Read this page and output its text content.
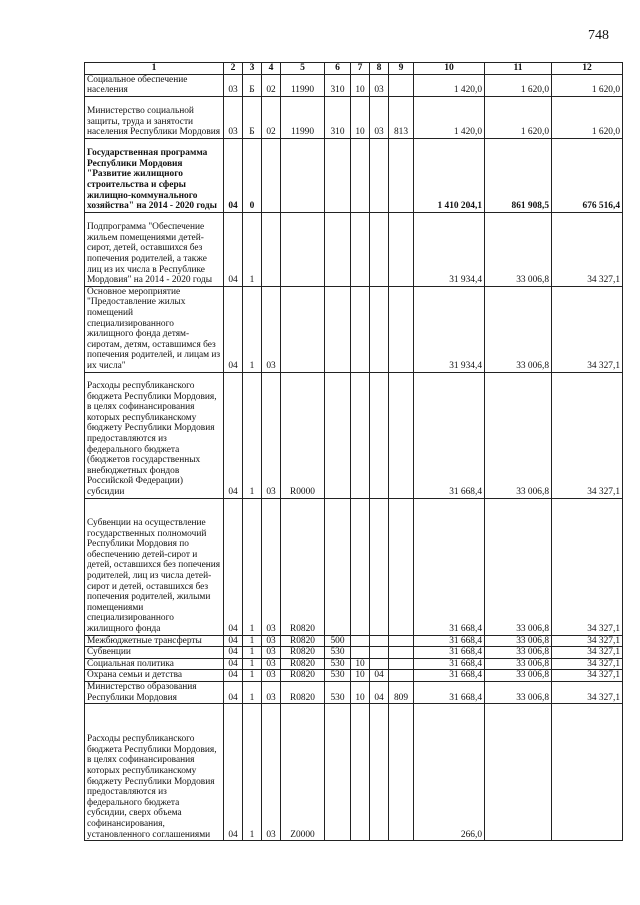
748
1	2	3	4	5	6	7	8	9	10	11	12
Социальное обеспечение населения	03	Б	02	11990	310	10	03		1 420,0	1 620,0	1 620,0
Министерство социальной защиты, труда и занятости населения Республики Мордовия	03	Б	02	11990	310	10	03	813	1 420,0	1 620,0	1 620,0
Государственная программа Республики Мордовия "Развитие жилищного строительства и сферы жилищно-коммунального хозяйства" на 2014 - 2020 годы	04	0							1 410 204,1	861 908,5	676 516,4
Подпрограмма "Обеспечение жильем помещениями детей-сирот, детей, оставшихся без попечения родителей, а также лиц из их числа в Республике Мордовия" на 2014 - 2020 годы	04	1							31 934,4	33 006,8	34 327,1
Основное мероприятие "Предоставление жилых помещений специализированного жилищного фонда детям-сиротам, детям, оставшимся без попечения родителей, и лицам из их числа"	04	1	03						31 934,4	33 006,8	34 327,1
Расходы республиканского бюджета Республики Мордовия, в целях софинансирования которых республиканскому бюджету Республики Мордовия предоставляются из федерального бюджета (бюджетов государственных внебюджетных фондов Российской Федерации) субсидии	04	1	03	R0000					31 668,4	33 006,8	34 327,1
Субвенции на осуществление государственных полномочий Республики Мордовия по обеспечению детей-сирот и детей, оставшихся без попечения родителей, лиц из числа детей-сирот и детей, оставшихся без попечения родителей, жилыми помещениями специализированного жилищного фонда	04	1	03	R0820					31 668,4	33 006,8	34 327,1
Межбюджетные трансферты	04	1	03	R0820	500				31 668,4	33 006,8	34 327,1
Субвенции	04	1	03	R0820	530				31 668,4	33 006,8	34 327,1
Социальная политика	04	1	03	R0820	530	10			31 668,4	33 006,8	34 327,1
Охрана семьи и детства	04	1	03	R0820	530	10	04		31 668,4	33 006,8	34 327,1
Министерство образования Республики Мордовия	04	1	03	R0820	530	10	04	809	31 668,4	33 006,8	34 327,1
Расходы республиканского бюджета Республики Мордовия, в целях софинансирования которых республиканскому бюджету Республики Мордовия предоставляются из федерального бюджета субсидии, сверх объема софинансирования, установленного соглашениями	04	1	03	Z0000					266,0		
